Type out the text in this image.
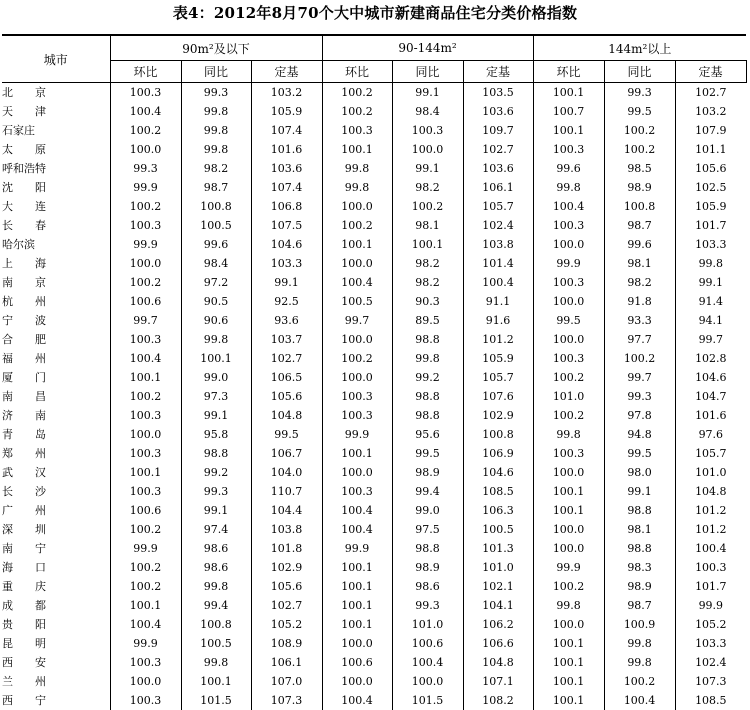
表4：2012年8月70个大中城市新建商品住宅分类价格指数
城市	90m²及以下			90-144m²			144m²以上		
	环比	同比	定基	环比	同比	定基	环比	同比	定基
北　　京	100.3	99.3	103.2	100.2	99.1	103.5	100.1	99.3	102.7
天　　津	100.4	99.8	105.9	100.2	98.4	103.6	100.7	99.5	103.2
石家庄	100.2	99.8	107.4	100.3	100.3	109.7	100.1	100.2	107.9
太　　原	100.0	99.8	101.6	100.1	100.0	102.7	100.3	100.2	101.1
呼和浩特	99.3	98.2	103.6	99.8	99.1	103.6	99.6	98.5	105.6
沈　　阳	99.9	98.7	107.4	99.8	98.2	106.1	99.8	98.9	102.5
大　　连	100.2	100.8	106.8	100.0	100.2	105.7	100.4	100.8	105.9
长　　春	100.3	100.5	107.5	100.2	98.1	102.4	100.3	98.7	101.7
哈尔滨	99.9	99.6	104.6	100.1	100.1	103.8	100.0	99.6	103.3
上　　海	100.0	98.4	103.3	100.0	98.2	101.4	99.9	98.1	99.8
南　　京	100.2	97.2	99.1	100.4	98.2	100.4	100.3	98.2	99.1
杭　　州	100.6	90.5	92.5	100.5	90.3	91.1	100.0	91.8	91.4
宁　　波	99.7	90.6	93.6	99.7	89.5	91.6	99.5	93.3	94.1
合　　肥	100.3	99.8	103.7	100.0	98.8	101.2	100.0	97.7	99.7
福　　州	100.4	100.1	102.7	100.2	99.8	105.9	100.3	100.2	102.8
厦　　门	100.1	99.0	106.5	100.0	99.2	105.7	100.2	99.7	104.6
南　　昌	100.2	97.3	105.6	100.3	98.8	107.6	101.0	99.3	104.7
济　　南	100.3	99.1	104.8	100.3	98.8	102.9	100.2	97.8	101.6
青　　岛	100.0	95.8	99.5	99.9	95.6	100.8	99.8	94.8	97.6
郑　　州	100.3	98.8	106.7	100.1	99.5	106.9	100.3	99.5	105.7
武　　汉	100.1	99.2	104.0	100.0	98.9	104.6	100.0	98.0	101.0
长　　沙	100.3	99.3	110.7	100.3	99.4	108.5	100.1	99.1	104.8
广　　州	100.6	99.1	104.4	100.4	99.0	106.3	100.1	98.8	101.2
深　　圳	100.2	97.4	103.8	100.4	97.5	100.5	100.0	98.1	101.2
南　　宁	99.9	98.6	101.8	99.9	98.8	101.3	100.0	98.8	100.4
海　　口	100.2	98.6	102.9	100.1	98.9	101.0	99.9	98.3	100.3
重　　庆	100.2	99.8	105.6	100.1	98.6	102.1	100.2	98.9	101.7
成　　都	100.1	99.4	102.7	100.1	99.3	104.1	99.8	98.7	99.9
贵　　阳	100.4	100.8	105.2	100.1	101.0	106.2	100.0	100.9	105.2
昆　　明	99.9	100.5	108.9	100.0	100.6	106.6	100.1	99.8	103.3
西　　安	100.3	99.8	106.1	100.6	100.4	104.8	100.1	99.8	102.4
兰　　州	100.0	100.1	107.0	100.0	100.0	107.1	100.1	100.2	107.3
西　　宁	100.3	101.5	107.3	100.4	101.5	108.2	100.1	100.4	108.5
